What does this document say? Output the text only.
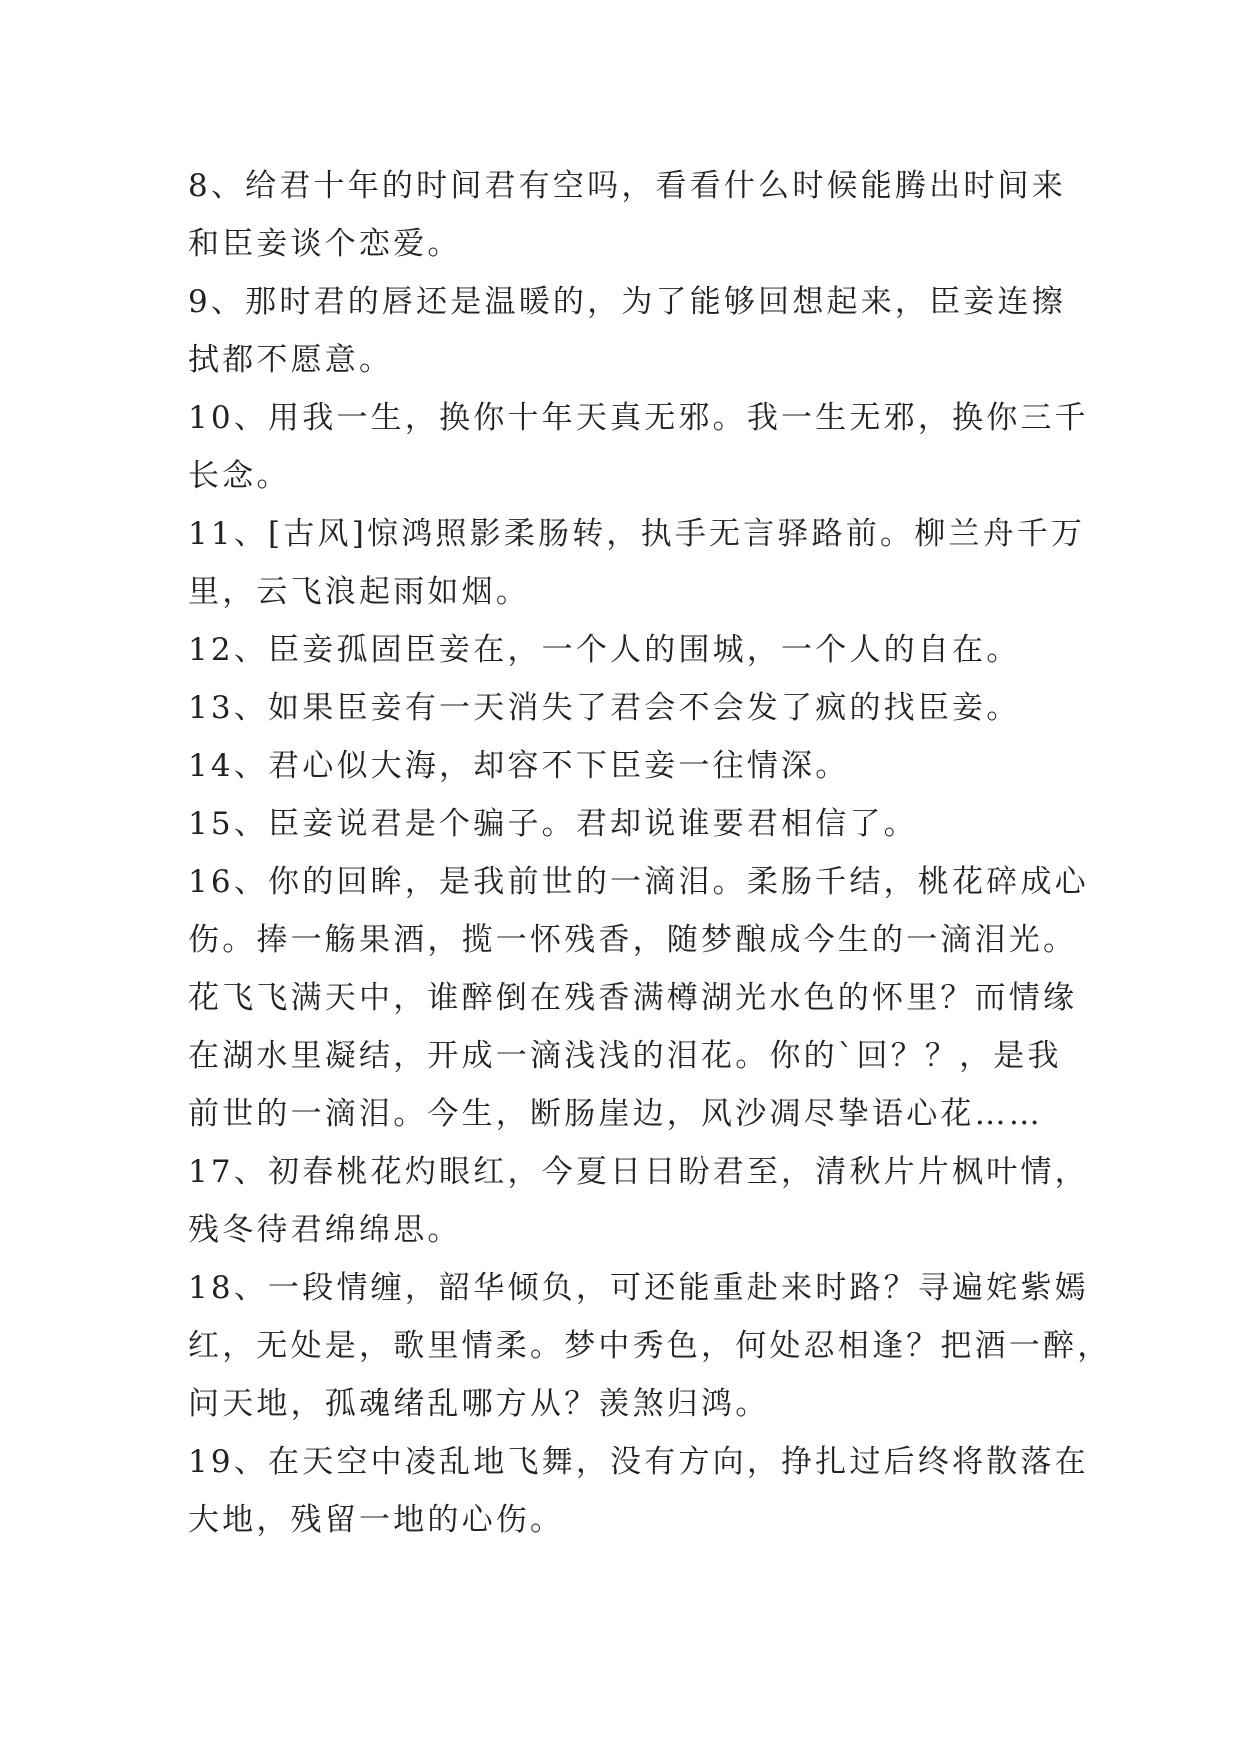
8、给君十年的时间君有空吗，看看什么时候能腾出时间来
和臣妾谈个恋爱。
9、那时君的唇还是温暖的，为了能够回想起来，臣妾连擦
拭都不愿意。
10、用我一生，换你十年天真无邪。我一生无邪，换你三千
长念。
11、[古风]惊鸿照影柔肠转，执手无言驿路前。柳兰舟千万
里，云飞浪起雨如烟。
12、臣妾孤固臣妾在，一个人的围城，一个人的自在。
13、如果臣妾有一天消失了君会不会发了疯的找臣妾。
14、君心似大海，却容不下臣妾一往情深。
15、臣妾说君是个骗子。君却说谁要君相信了。
16、你的回眸，是我前世的一滴泪。柔肠千结，桃花碎成心
伤。捧一觞果酒，揽一怀残香，随梦酿成今生的一滴泪光。
花飞飞满天中，谁醉倒在残香满樽湖光水色的怀里？而情缘
在湖水里凝结，开成一滴浅浅的泪花。你的`回？？，是我
前世的一滴泪。今生，断肠崖边，风沙凋尽挚语心花……
17、初春桃花灼眼红，今夏日日盼君至，清秋片片枫叶情，
残冬待君绵绵思。
18、一段情缠，韶华倾负，可还能重赴来时路？寻遍姹紫嫣
红，无处是，歌里情柔。梦中秀色，何处忍相逢？把酒一醉，
问天地，孤魂绪乱哪方从？羡煞归鸿。
19、在天空中凌乱地飞舞，没有方向，挣扎过后终将散落在
大地，残留一地的心伤。
